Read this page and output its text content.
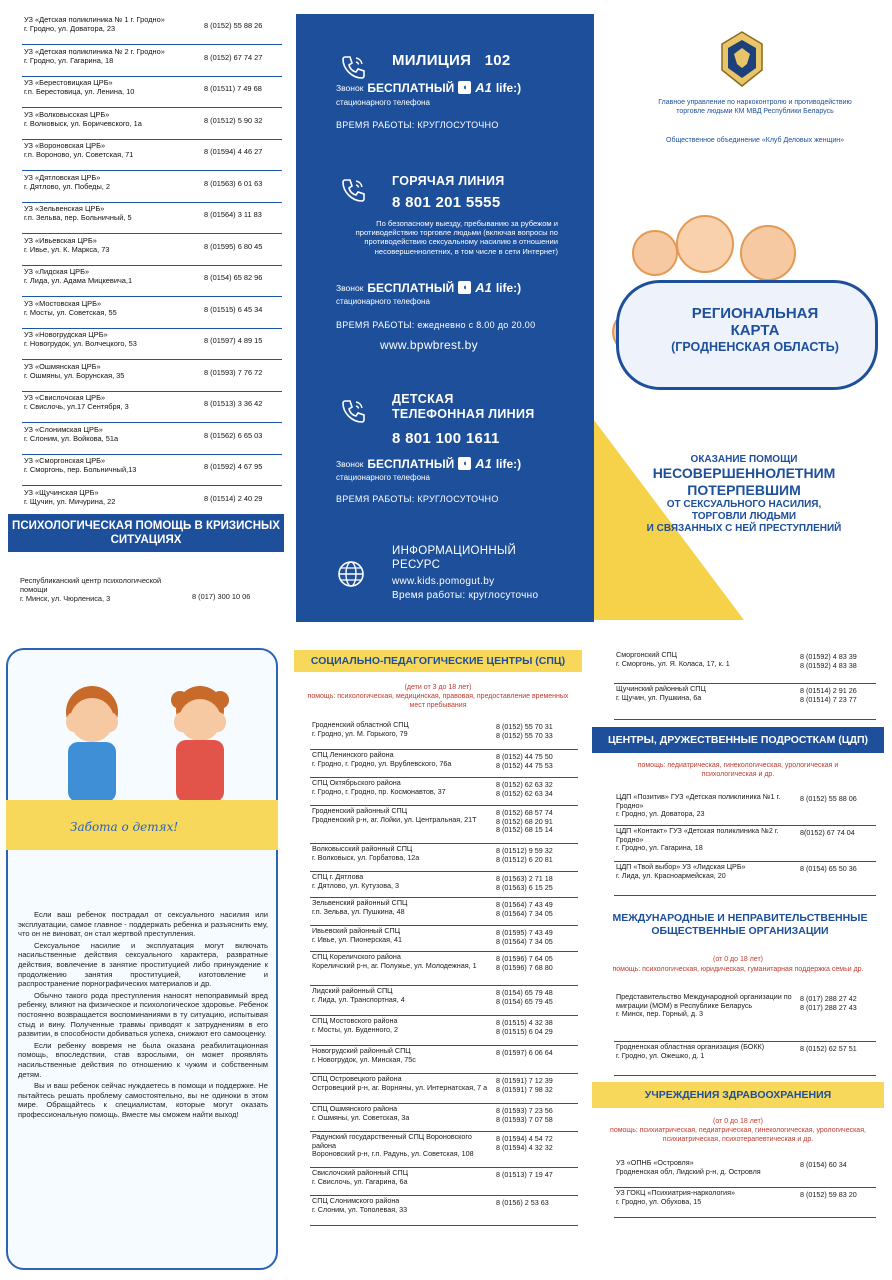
УЗ «Детская поликлиника № 1 г. Гродно»
г. Гродно, ул. Доватора, 23	8 (0152) 55 88 26
УЗ «Детская поликлиника № 2 г. Гродно»
г. Гродно, ул. Гагарина, 18	8 (0152) 67 74 27
УЗ «Берестовицкая ЦРБ»
г.п. Берестовица, ул. Ленина, 10	8 (01511) 7 49 68
УЗ «Волковысская ЦРБ»
г. Волковыск, ул. Боричевского, 1а	8 (01512) 5 90 32
УЗ «Вороновская ЦРБ»
г.п. Вороново, ул. Советская, 71	8 (01594) 4 46 27
УЗ «Дятловская ЦРБ»
г. Дятлово, ул. Победы, 2	8 (01563) 6 01 63
УЗ «Зельвенская ЦРБ»
г.п. Зельва, пер. Больничный, 5	8 (01564) 3 11 83
УЗ «Ивьевская ЦРБ»
г. Ивье, ул. К. Маркса, 73	8 (01595) 6 80 45
УЗ «Лидская ЦРБ»
г. Лида, ул. Адама Мицкевича,1	8 (0154) 65 82 96
УЗ «Мостовская ЦРБ»
г. Мосты, ул. Советская, 55	8 (01515) 6 45 34
УЗ «Новогрудская ЦРБ»
г. Новогрудок, ул. Волчецкого, 53	8 (01597) 4 89 15
УЗ «Ошмянская ЦРБ»
г. Ошмяны, ул. Борунская, 35	8 (01593) 7 76 72
УЗ «Свислочская ЦРБ»
г. Свислочь, ул.17 Сентября, 3	8 (01513) 3 36 42
УЗ «Слонимская ЦРБ»
г. Слоним, ул. Войкова, 51а	8 (01562) 6 65 03
УЗ «Сморгонская ЦРБ»
г. Сморгонь, пер. Больничный,13	8 (01592) 4 67 95
УЗ «Щучинская ЦРБ»
г. Щучин, ул. Мичурина, 22	8 (01514) 2 40 29
ПСИХОЛОГИЧЕСКАЯ ПОМОЩЬ В КРИЗИСНЫХ СИТУАЦИЯХ
Республиканский центр психологической помощи
г. Минск, ул. Чюрлениса, 3	8 (017) 300 10 06
МИЛИЦИЯ 102
Звонок БЕСПЛАТНЫЙ ◖ A1 life:)
стационарного телефона
ВРЕМЯ РАБОТЫ: КРУГЛОСУТОЧНО
ГОРЯЧАЯ ЛИНИЯ
8 801 201 5555
По безопасному выезду, пребыванию за рубежом и противодействию торговле людьми (включая вопросы по противодействию сексуальному насилию в отношении несовершеннолетних, в том числе в сети Интернет)
Звонок БЕСПЛАТНЫЙ ◖ A1 life:)
стационарного телефона
ВРЕМЯ РАБОТЫ: ежедневно с 8.00 до 20.00
www.bpwbrest.by
ДЕТСКАЯ
ТЕЛЕФОННАЯ ЛИНИЯ
8 801 100 1611
Звонок БЕСПЛАТНЫЙ ◖ A1 life:)
стационарного телефона
ВРЕМЯ РАБОТЫ: КРУГЛОСУТОЧНО
ИНФОРМАЦИОННЫЙ
РЕСУРС
www.kids.pomogut.by
Время работы: круглосуточно
Главное управление по наркоконтролю и противодействию торговле людьми КМ МВД Республики Беларусь
Общественное объединение «Клуб Деловых женщин»
РЕГИОНАЛЬНАЯ
КАРТА
(ГРОДНЕНСКАЯ ОБЛАСТЬ)
ОКАЗАНИЕ ПОМОЩИ
НЕСОВЕРШЕННОЛЕТНИМ
ПОТЕРПЕВШИМ
ОТ СЕКСУАЛЬНОГО НАСИЛИЯ,
ТОРГОВЛИ ЛЮДЬМИ
И СВЯЗАННЫХ С НЕЙ ПРЕСТУПЛЕНИЙ
Забота о детях!

Если ваш ребенок пострадал от сексуального насилия или эксплуатации, самое главное - поддержать ребенка и разъяснить ему, что он не виноват, он стал жертвой преступления.

Сексуальное насилие и эксплуатация могут включать насильственные действия сексуального характера, развратные действия, вовлечение в занятие проституцией либо принуждение к продолжению занятия проституцией, изготовление и распространение порнографических материалов и др.

Обычно такого рода преступления наносят непоправимый вред ребенку, влияют на физическое и психологическое здоровье. Ребенок постоянно возвращается воспоминаниями в ту ситуацию, испытывая стыд и вину. Полученные травмы приводят к затруднениям в его развитии, в способности добиваться успеха, снижают его самооценку.

Если ребенку вовремя не была оказана реабилитационная помощь, впоследствии, став взрослыми, он может проявлять насильственные действия по отношению к чужим и собственным детям.

Вы и ваш ребенок сейчас нуждаетесь в помощи и поддержке. Не пытайтесь решать проблему самостоятельно, вы не одиноки в этом мире. Обращайтесь к специалистам, которые могут оказать профессиональную помощь. Вместе мы сможем найти выход!

СОЦИАЛЬНО-ПЕДАГОГИЧЕСКИЕ ЦЕНТРЫ (СПЦ)
(дети от 3 до 18 лет)
помощь: психологическая, медицинская, правовая, предоставление временных мест пребывания
ЦЕНТРЫ, ДРУЖЕСТВЕННЫЕ ПОДРОСТКАМ (ЦДП)
помощь: педиатрическая, гинекологическая, урологическая и психологическая и др.
МЕЖДУНАРОДНЫЕ И НЕПРАВИТЕЛЬСТВЕННЫЕ ОБЩЕСТВЕННЫЕ ОРГАНИЗАЦИИ
(от 0 до 18 лет)
помощь: психологическая, юридическая, гуманитарная поддержка семьи др.
УЧРЕЖДЕНИЯ ЗДРАВООХРАНЕНИЯ
(от 0 до 18 лет)
помощь: психиатрическая, педиатрическая, гинекологическая, урологическая, психиатрическая, психотерапевтическая и др.
Гродненский областной СПЦ
г. Гродно, ул. М. Горького, 79
8 (0152) 55 70 31
8 (0152) 55 70 33
СПЦ Ленинского района
г. Гродно, г. Гродно, ул. Врублевского, 76а
8 (0152) 44 75 50
8 (0152) 44 75 53
СПЦ Октябрьского района
г. Гродно, г. Гродно, пр. Космонавтов, 37
8 (0152) 62 63 32
8 (0152) 62 63 34
Гродненский районный СПЦ
Гродненский р-н, аг. Лойки, ул. Центральная, 21Т
8 (0152) 68 57 74
8 (0152) 68 20 91
8 (0152) 68 15 14
Волковысский районный СПЦ
г. Волковыск, ул. Горбатова, 12а
8 (01512) 9 59 32
8 (01512) 6 20 81
СПЦ г. Дятлова
г. Дятлово, ул. Кутузова, 3
8 (01563) 2 71 18
8 (01563) 6 15 25
Зельвенский районный СПЦ
г.п. Зельва, ул. Пушкина, 48
8 (01564) 7 43 49
8 (01564) 7 34 05
Ивьевский районный СПЦ
г. Ивье, ул. Пионерская, 41
8 (01595) 7 43 49
8 (01564) 7 34 05
СПЦ Кореличского района
Кореличский р-н, аг. Полужье, ул. Молодежная, 1
8 (01596) 7 64 05
8 (01596) 7 68 80
Лидский районный СПЦ
г. Лида, ул. Транспортная, 4
8 (0154) 65 79 48
8 (0154) 65 79 45
СПЦ Мостовского района
г. Мосты, ул. Буденного, 2
8 (01515) 4 32 38
8 (01515) 6 04 29
Новогрудский районный СПЦ
г. Новогрудок, ул. Минская, 75с
8 (01597) 6 06 64
СПЦ Островецкого района
Островецкий р-н, аг. Ворняны, ул. Интернатская, 7 а
8 (01591) 7 12 39
8 (01591) 7 98 32
СПЦ Ошмянского района
г. Ошмяны, ул. Советская, 3а
8 (01593) 7 23 56
8 (01593) 7 07 58
Радунский государственный СПЦ Вороновского района
Вороновский р-н, г.п. Радунь, ул. Советская, 108
8 (01594) 4 54 72
8 (01594) 4 32 32
Свислочский районный СПЦ
г. Свислочь, ул. Гагарина, 6а
8 (01513) 7 19 47
СПЦ Слонимского района
г. Слоним, ул. Тополевая, 33
8 (0156) 2 53 63
Сморгонский СПЦ
г. Сморгонь, ул. Я. Коласа, 17, к. 1
8 (01592) 4 83 39
8 (01592) 4 83 38
Щучинский районный СПЦ
г. Щучин, ул. Пушкина, 6а
8 (01514) 2 91 26
8 (01514) 7 23 77
ЦДП «Позитив» ГУЗ «Детская поликлиника №1 г. Гродно»
г. Гродно, ул. Доватора, 23
8 (0152) 55 88 06
ЦДП «Контакт» ГУЗ «Детская поликлиника №2 г. Гродно»
г. Гродно, ул. Гагарина, 18
8(0152) 67 74 04
ЦДП «Твой выбор» УЗ «Лидская ЦРБ»
г. Лида, ул. Красноармейская, 20
8 (0154) 65 50 36
Представительство Международной организации по миграции (МОМ) в Республике Беларусь
г. Минск, пер. Горный, д. 3
8 (017) 288 27 42
8 (017) 288 27 43
Гродненская областная организация (БОКК)
г. Гродно, ул. Ожешко, д. 1
8 (0152) 62 57 51
УЗ «ОПНБ «Островля»
Гродненская обл, Лидский р-н, д. Островля
8 (0154) 60 34
УЗ ГОКЦ «Психиатрия-наркология»
г. Гродно, ул. Обухова, 15
8 (0152) 59 83 20
